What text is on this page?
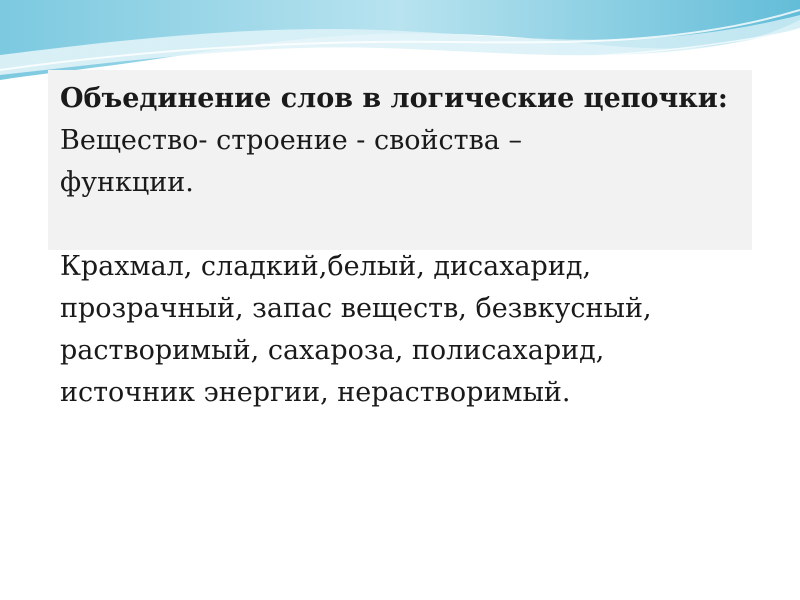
Объединение слов в логические цепочки:

Вещество- строение - свойства –

функции.

Крахмал, сладкий,белый, дисахарид,

прозрачный, запас веществ, безвкусный,

растворимый, сахароза, полисахарид,

источник энергии, нерастворимый.
